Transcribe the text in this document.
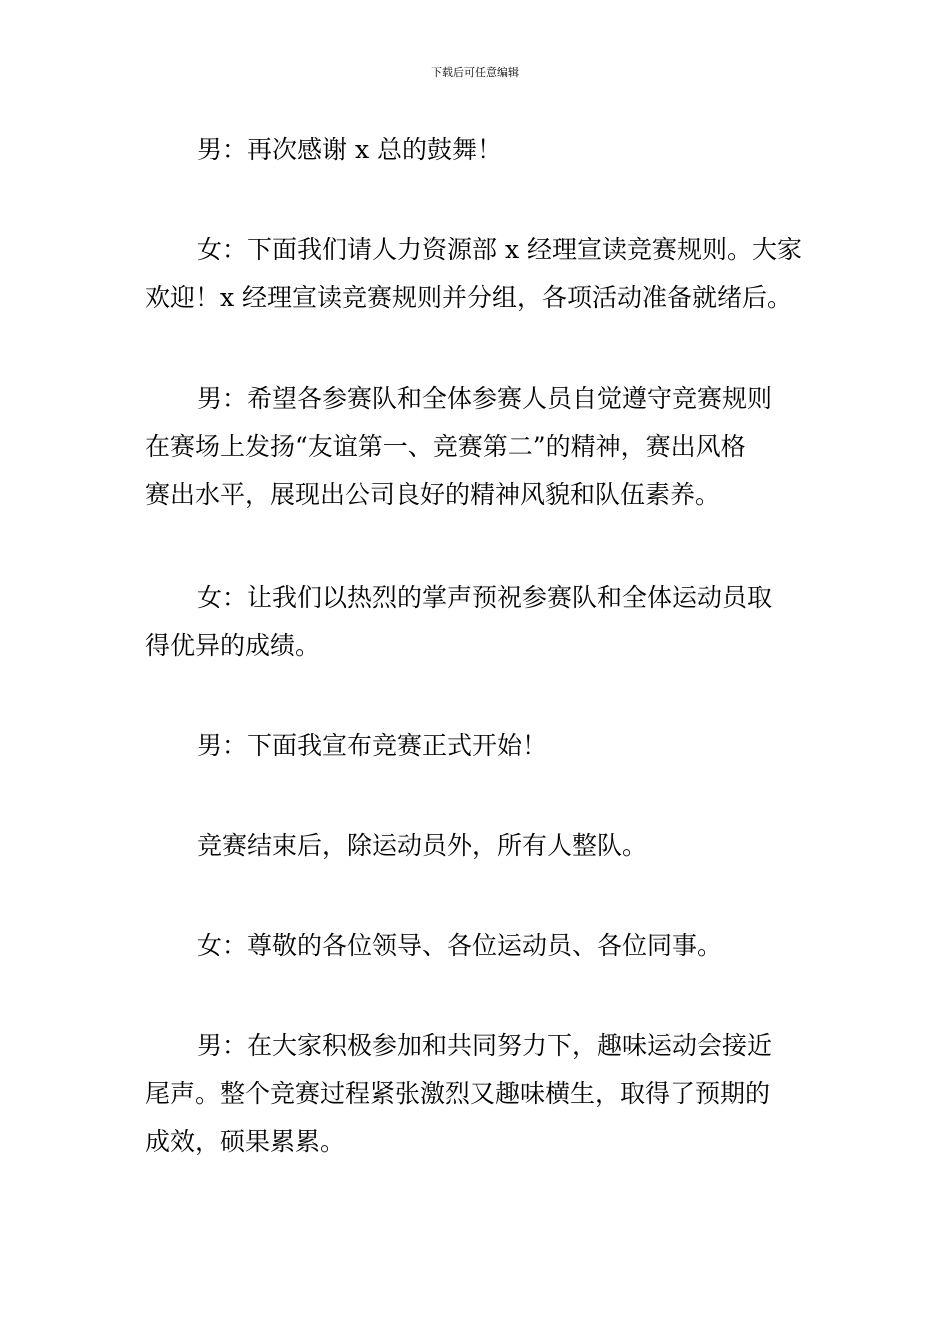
下载后可任意编辑
男：再次感谢 x 总的鼓舞！
女：下面我们请人力资源部 x 经理宣读竞赛规则。大家
欢迎！x 经理宣读竞赛规则并分组，各项活动准备就绪后。
男：希望各参赛队和全体参赛人员自觉遵守竞赛规则
在赛场上发扬“友谊第一、竞赛第二”的精神，赛出风格
赛出水平，展现出公司良好的精神风貌和队伍素养。
女：让我们以热烈的掌声预祝参赛队和全体运动员取
得优异的成绩。
男：下面我宣布竞赛正式开始！
竞赛结束后，除运动员外，所有人整队。
女：尊敬的各位领导、各位运动员、各位同事。
男：在大家积极参加和共同努力下，趣味运动会接近
尾声。整个竞赛过程紧张激烈又趣味横生，取得了预期的
成效，硕果累累。
